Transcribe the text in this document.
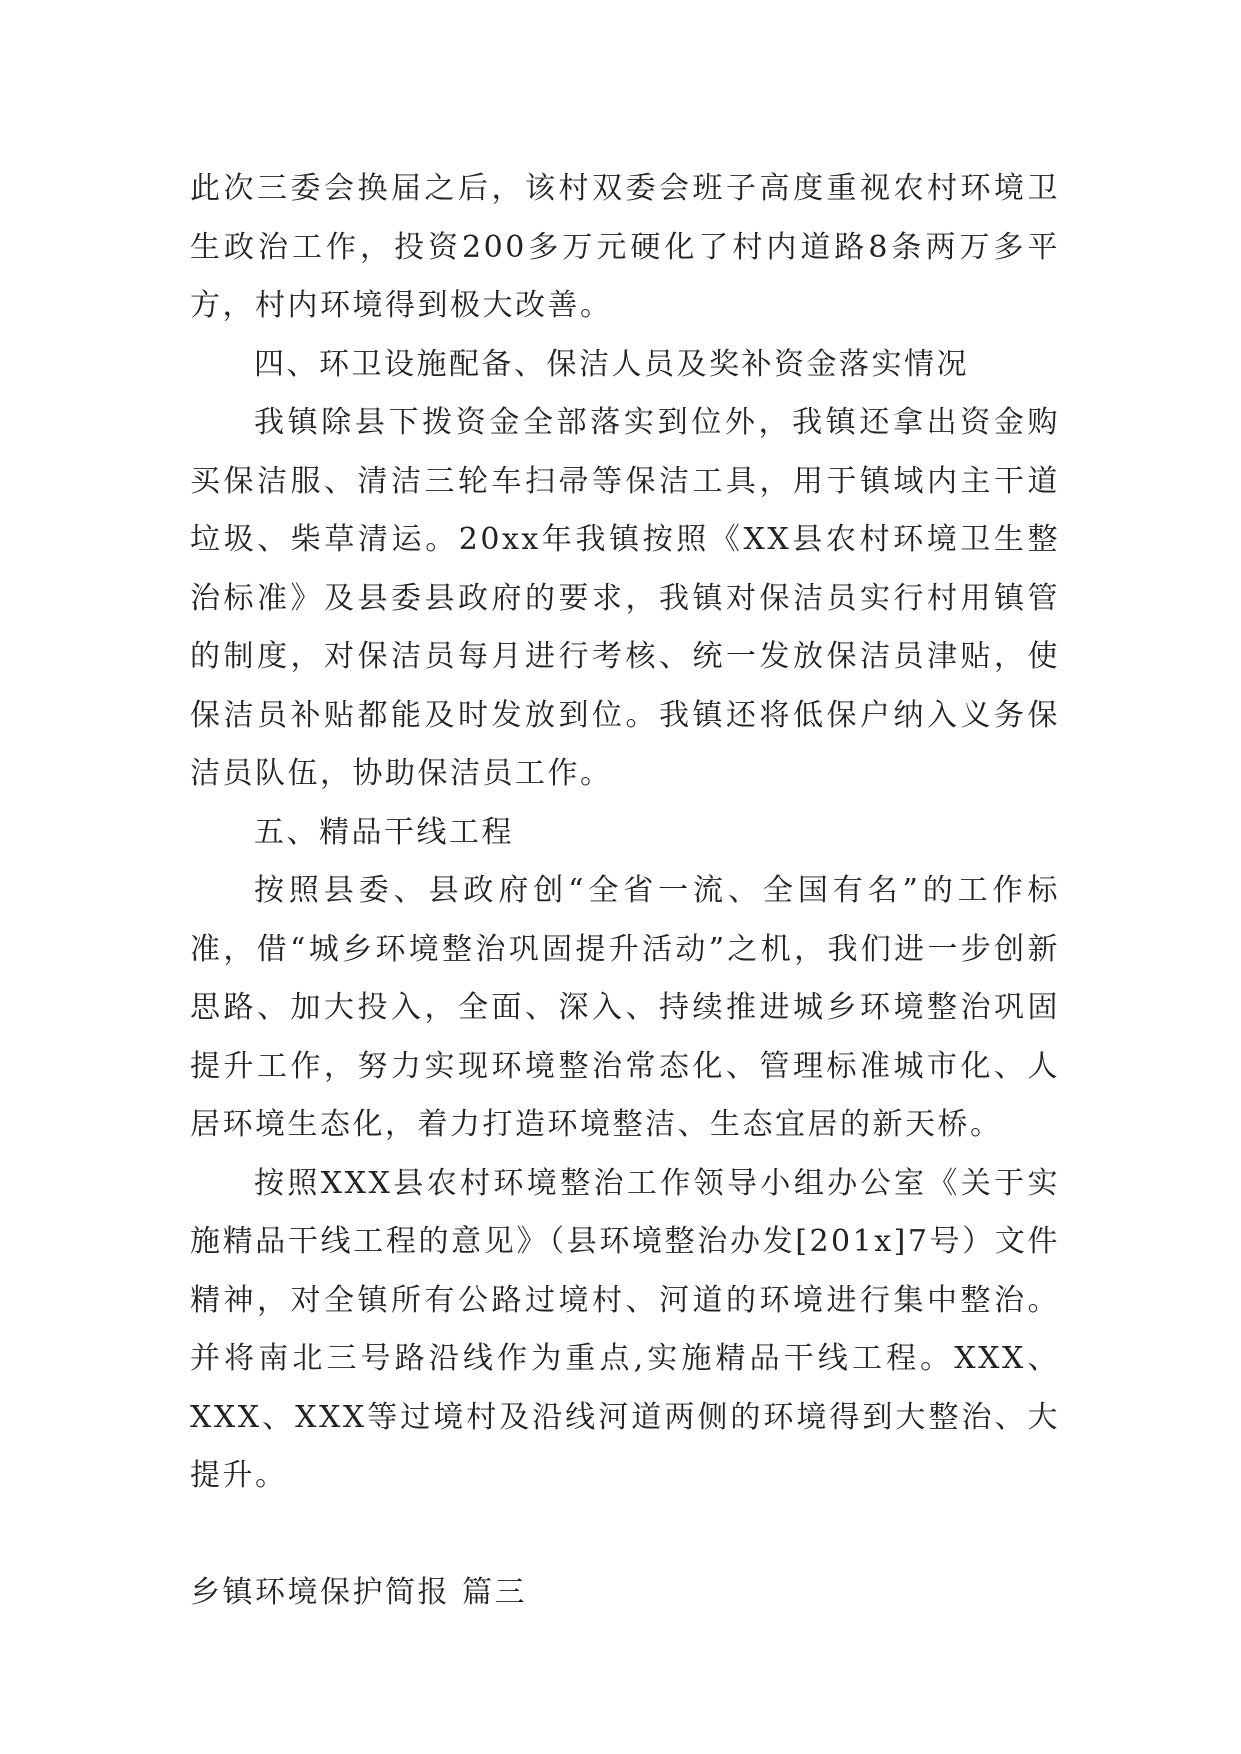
此次三委会换届之后，该村双委会班子高度重视农村环境卫生政治工作，投资200多万元硬化了村内道路8条两万多平方，村内环境得到极大改善。

四、环卫设施配备、保洁人员及奖补资金落实情况

我镇除县下拨资金全部落实到位外，我镇还拿出资金购买保洁服、清洁三轮车扫帚等保洁工具，用于镇域内主干道垃圾、柴草清运。20xx年我镇按照《XX县农村环境卫生整治标准》及县委县政府的要求，我镇对保洁员实行村用镇管的制度，对保洁员每月进行考核、统一发放保洁员津贴，使保洁员补贴都能及时发放到位。我镇还将低保户纳入义务保洁员队伍，协助保洁员工作。

五、精品干线工程

按照县委、县政府创“全省一流、全国有名”的工作标准，借“城乡环境整治巩固提升活动”之机，我们进一步创新思路、加大投入，全面、深入、持续推进城乡环境整治巩固提升工作，努力实现环境整治常态化、管理标准城市化、人居环境生态化，着力打造环境整洁、生态宜居的新天桥。

按照XXX县农村环境整治工作领导小组办公室《关于实施精品干线工程的意见》（县环境整治办发[201x]7号）文件精神，对全镇所有公路过境村、河道的环境进行集中整治。并将南北三号路沿线作为重点,实施精品干线工程。XXX、XXX、XXX等过境村及沿线河道两侧的环境得到大整治、大提升。

乡镇环境保护简报 篇三
